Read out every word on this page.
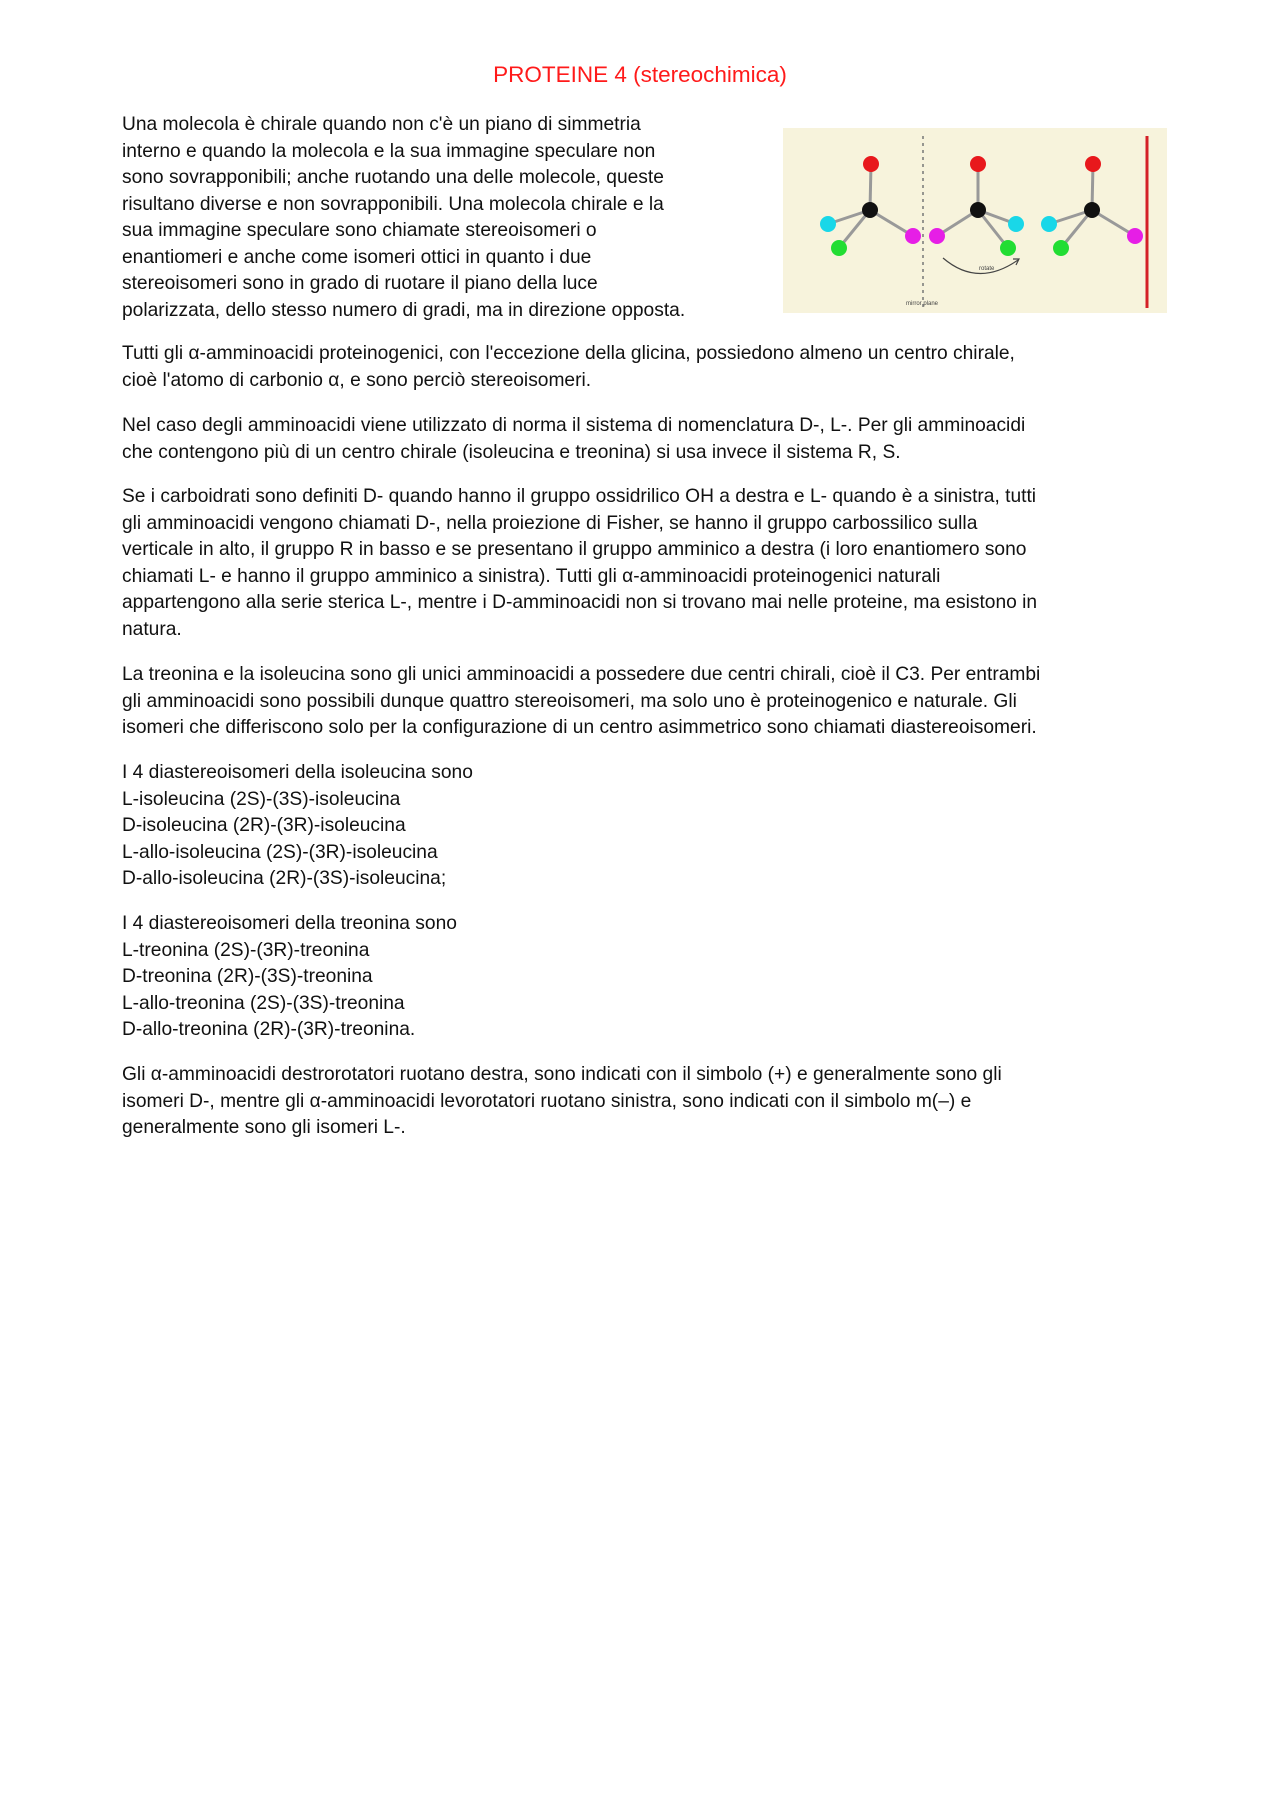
PROTEINE 4 (stereochimica)
Una molecola è chirale quando non c'è un piano di simmetria
interno e quando la molecola e la sua immagine speculare non
sono sovrapponibili; anche ruotando una delle molecole, queste
risultano diverse e non sovrapponibili. Una molecola chirale e la
sua immagine speculare sono chiamate stereoisomeri o
enantiomeri e anche come isomeri ottici in quanto i due
stereoisomeri sono in grado di ruotare il piano della luce
polarizzata, dello stesso numero di gradi, ma in direzione opposta.
rotate
mirror plane
Tutti gli α-amminoacidi proteinogenici, con l'eccezione della glicina, possiedono almeno un centro chirale,
cioè l'atomo di carbonio α, e sono perciò stereoisomeri.
Nel caso degli amminoacidi viene utilizzato di norma il sistema di nomenclatura D-, L-. Per gli amminoacidi
che contengono più di un centro chirale (isoleucina e treonina) si usa invece il sistema R, S.
Se i carboidrati sono definiti D- quando hanno il gruppo ossidrilico OH a destra e L- quando è a sinistra, tutti
gli amminoacidi vengono chiamati D-, nella proiezione di Fisher, se hanno il gruppo carbossilico sulla
verticale in alto, il gruppo R in basso e se presentano il gruppo amminico a destra (i loro enantiomero sono
chiamati L- e hanno il gruppo amminico a sinistra). Tutti gli α-amminoacidi proteinogenici naturali
appartengono alla serie sterica L-, mentre i D-amminoacidi non si trovano mai nelle proteine, ma esistono in
natura.
La treonina e la isoleucina sono gli unici amminoacidi a possedere due centri chirali, cioè il C3. Per entrambi
gli amminoacidi sono possibili dunque quattro stereoisomeri, ma solo uno è proteinogenico e naturale. Gli
isomeri che differiscono solo per la configurazione di un centro asimmetrico sono chiamati diastereoisomeri.
I 4 diastereoisomeri della isoleucina sono
L-isoleucina (2S)-(3S)-isoleucina
D-isoleucina (2R)-(3R)-isoleucina
L-allo-isoleucina (2S)-(3R)-isoleucina
D-allo-isoleucina (2R)-(3S)-isoleucina;
I 4 diastereoisomeri della treonina sono
L-treonina (2S)-(3R)-treonina
D-treonina (2R)-(3S)-treonina
L-allo-treonina (2S)-(3S)-treonina
D-allo-treonina (2R)-(3R)-treonina.
Gli α-amminoacidi destrorotatori ruotano destra, sono indicati con il simbolo (+) e generalmente sono gli
isomeri D-, mentre gli α-amminoacidi levorotatori ruotano sinistra, sono indicati con il simbolo m(–) e
generalmente sono gli isomeri L-.
